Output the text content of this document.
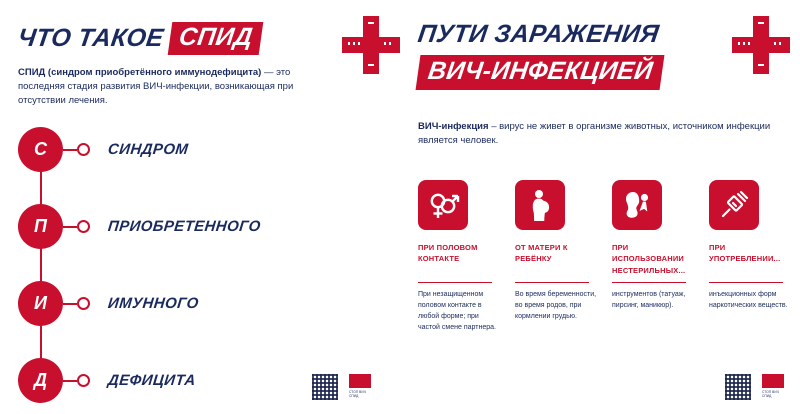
ЧТО ТАКОЕ СПИД
СПИД (синдром приобретённого иммунодефицита) — это последняя стадия развития ВИЧ-инфекции, возникающая при отсутствии лечения.
С	СИНДРОМ
П	ПРИОБРЕТЕННОГО
И	ИМУННОГО
Д	ДЕФИЦИТА
ПУТИ ЗАРАЖЕНИЯ
ВИЧ-ИНФЕКЦИЕЙ
ВИЧ-инфекция – вирус не живет в организме животных, источником инфекции является человек.
ПРИ ПОЛОВОМ КОНТАКТЕ
При незащищенном половом контакте в любой форме; при частой смене партнера.
ОТ МАТЕРИ К РЕБЁНКУ
Во время беременности, во время родов, при кормлении грудью.
ПРИ ИСПОЛЬЗОВАНИИ НЕСТЕРИЛЬНЫХ...
инструментов (татуаж, пирсинг, маникюр).
ПРИ УПОТРЕБЛЕНИИ...
инъекционных форм наркотических веществ.
СТОП ВИЧ СПИД
СТОП ВИЧ СПИД
